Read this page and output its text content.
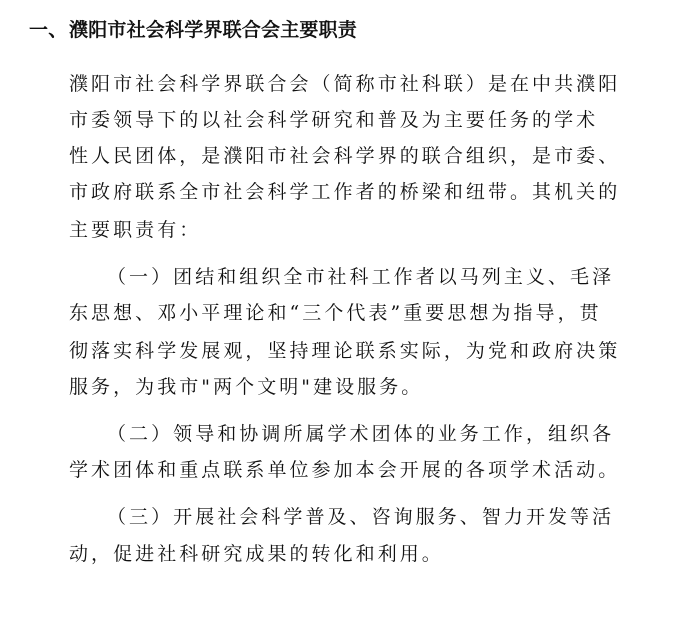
一、濮阳市社会科学界联合会主要职责
濮阳市社会科学界联合会（简称市社科联）是在中共濮阳
市委领导下的以社会科学研究和普及为主要任务的学术
性人民团体，是濮阳市社会科学界的联合组织，是市委、
市政府联系全市社会科学工作者的桥梁和纽带。其机关的
主要职责有：
（一）团结和组织全市社科工作者以马列主义、毛泽
东思想、邓小平理论和“三个代表”重要思想为指导，贯
彻落实科学发展观，坚持理论联系实际，为党和政府决策
服务，为我市"两个文明"建设服务。
（二）领导和协调所属学术团体的业务工作，组织各
学术团体和重点联系单位参加本会开展的各项学术活动。
（三）开展社会科学普及、咨询服务、智力开发等活
动，促进社科研究成果的转化和利用。
